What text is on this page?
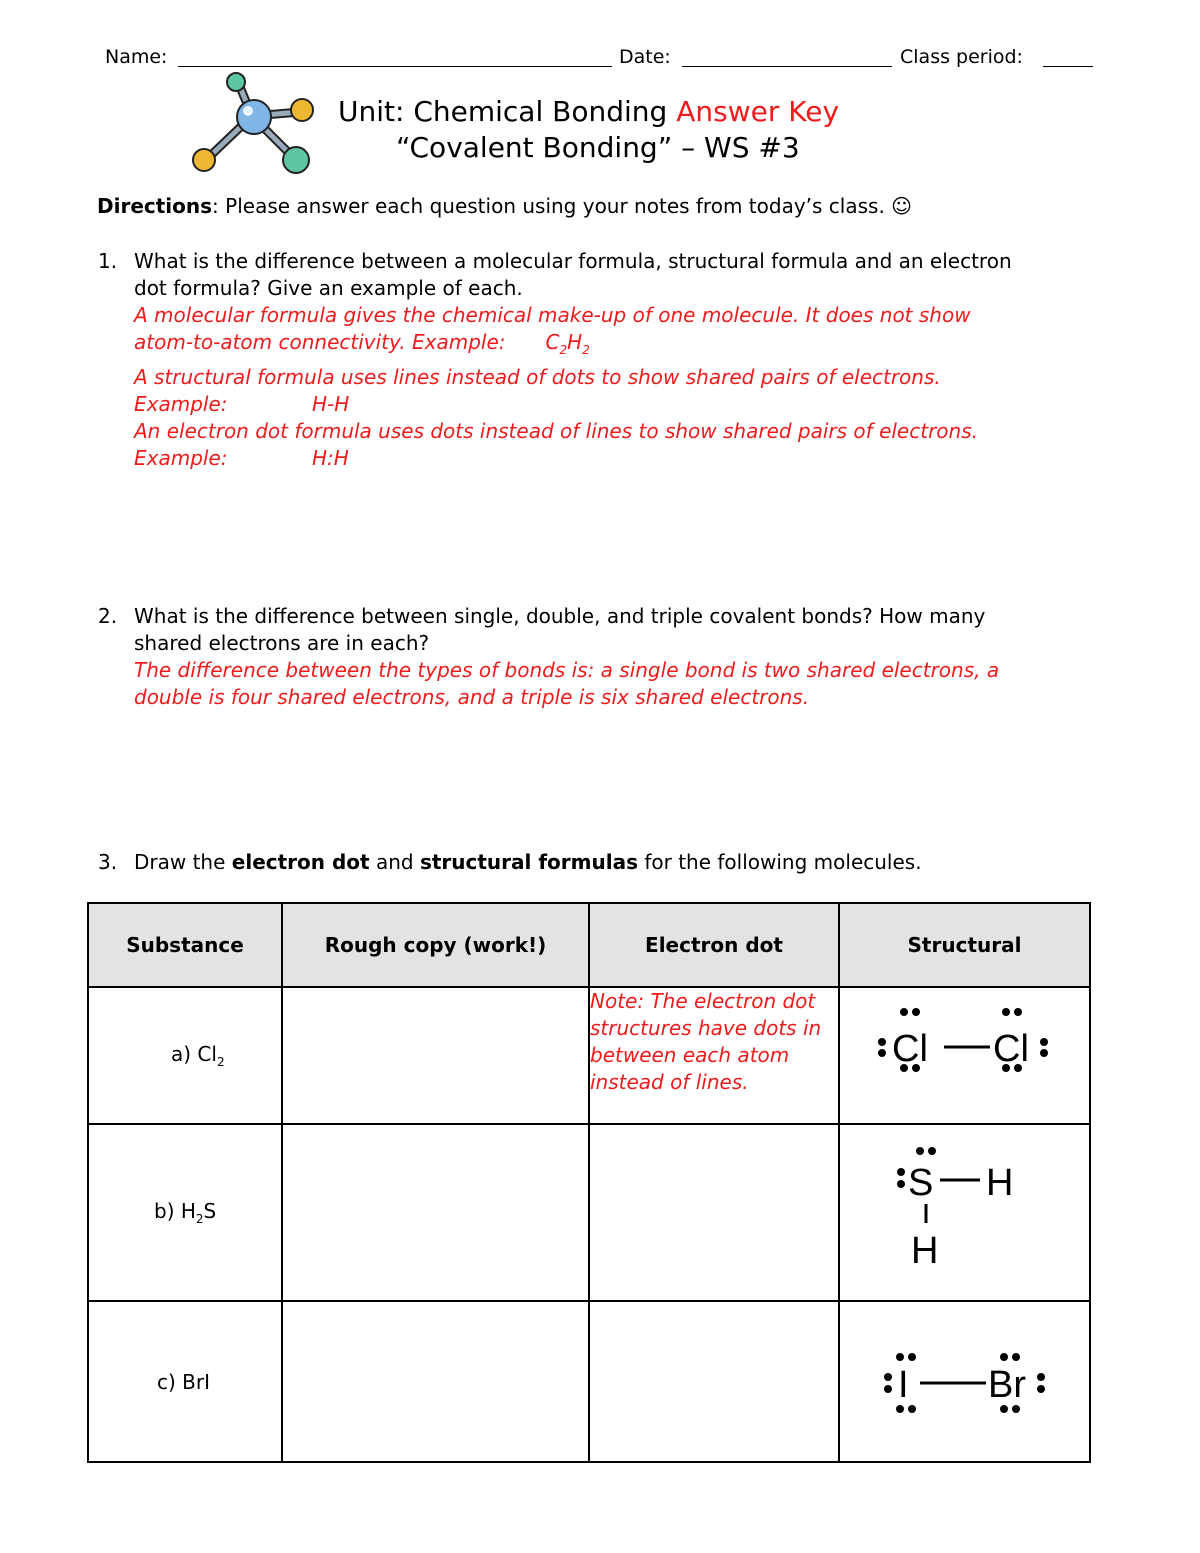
Name:	Date:	Class period:
Unit: Chemical Bonding Answer Key
“Covalent Bonding” – WS #3
Directions: Please answer each question using your notes from today’s class. ☺
1. What is the difference between a molecular formula, structural formula and an electron
dot formula? Give an example of each.
A molecular formula gives the chemical make-up of one molecule. It does not show
atom-to-atom connectivity. Example: $C_2H_2$
A structural formula uses lines instead of dots to show shared pairs of electrons.
Example:	H-H
An electron dot formula uses dots instead of lines to show shared pairs of electrons.
Example:	H:H
2. What is the difference between single, double, and triple covalent bonds? How many
shared electrons are in each?
The difference between the types of bonds is: a single bond is two shared electrons, a
double is four shared electrons, and a triple is six shared electrons.
3. Draw the electron dot and structural formulas for the following molecules.
Substance	Rough copy (work!)	Electron dot	Structural
a) $Cl_2$		Note: The electron dot structures have dots in between each atom instead of lines.	Cl Cl

b) $H_2S$			S H
H

c) BrI			I Br
